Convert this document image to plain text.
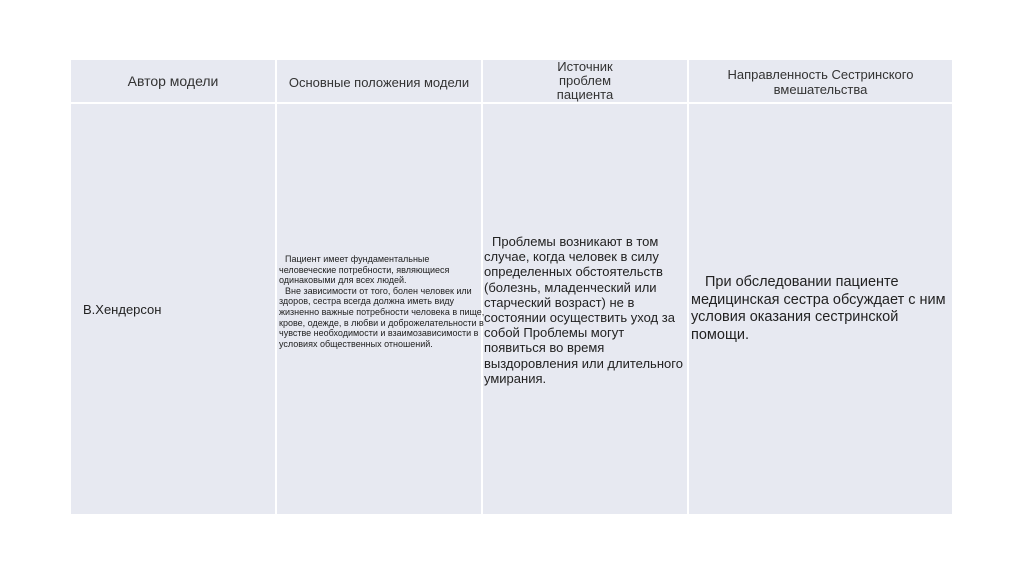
Автор модели	Основные положения модели
Источник
проблем
пациента
Направленность Сестринского вмешательства
В.Хендерсон

Пациент имеет фундаментальные человеческие потребности, являющиеся одинаковыми для всех людей.

Вне зависимости от того, болен человек или здоров, сестра всегда должна иметь виду жизненно важные потребности человека в пище, крове, одежде, в любви и доброжелательности в чувстве необходимости и взаимозависимости в условиях общественных отношений.

Проблемы возникают в том случае, когда человек в силу определенных обстоятельств (болезнь, младенческий или старческий возраст) не в состоянии осуществить уход за собой Проблемы могут появиться во время выздоровления или длительного умирания.

При обследовании пациенте медицинская сестра обсуждает с ним условия оказания сестринской помощи.
